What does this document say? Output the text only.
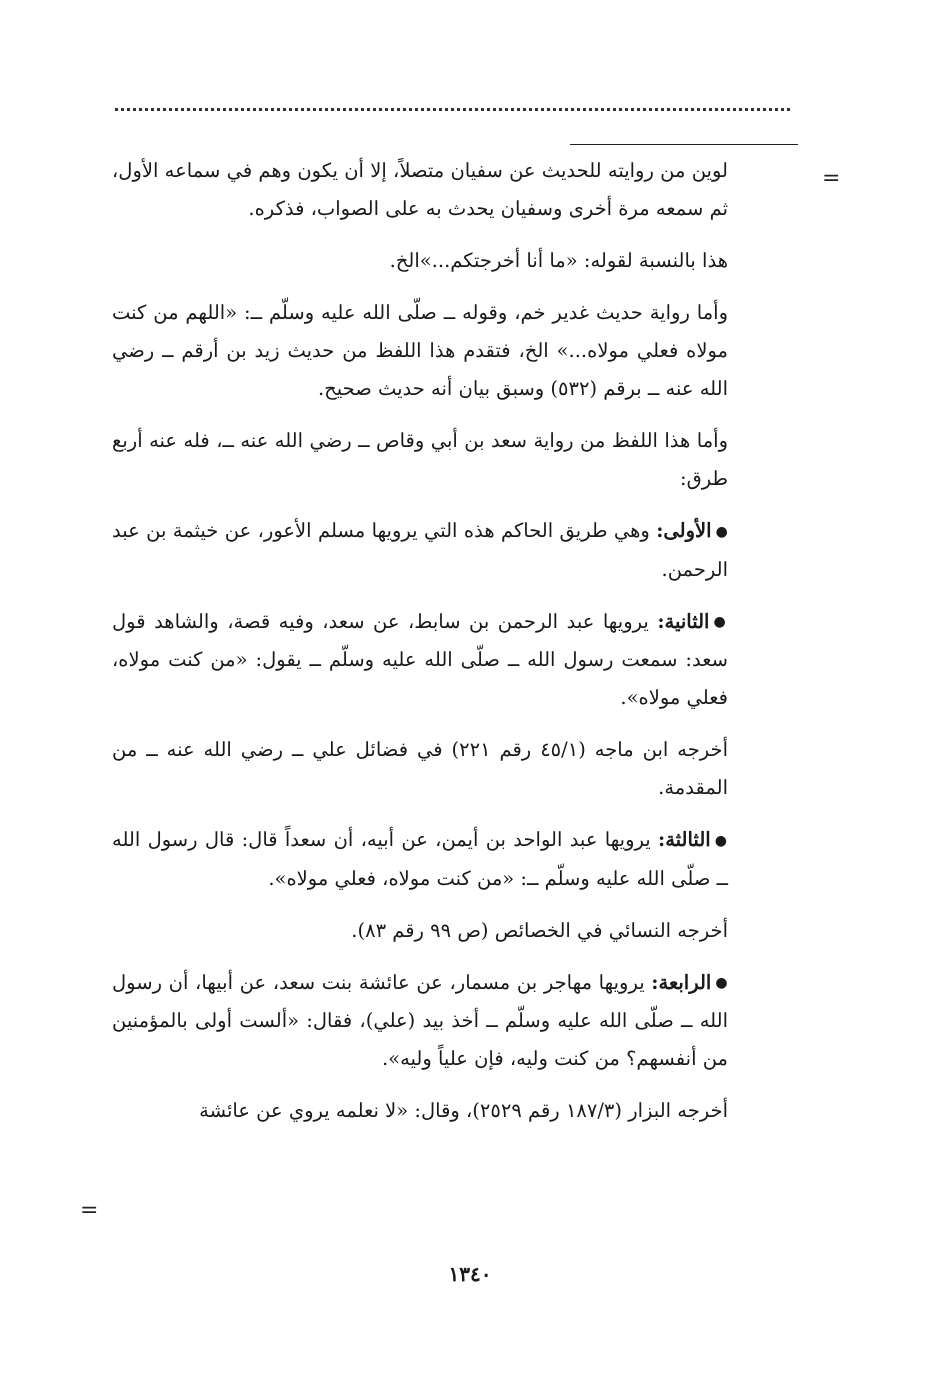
=

لوين من روايته للحديث عن سفيان متصلاً، إلا أن يكون وهم في سماعه الأول، ثم سمعه مرة أخرى وسفيان يحدث به على الصواب، فذكره.

هذا بالنسبة لقوله: «ما أنا أخرجتكم...»الخ.

وأما رواية حديث غدير خم، وقوله ــ صلّى الله عليه وسلّم ــ: «اللهم من كنت مولاه فعلي مولاه...» الخ، فتقدم هذا اللفظ من حديث زيد بن أرقم ــ رضي الله عنه ــ برقم (٥٣٢) وسبق بيان أنه حديث صحيح.

وأما هذا اللفظ من رواية سعد بن أبي وقاص ــ رضي الله عنه ــ، فله عنه أربع طرق:

●الأولى: وهي طريق الحاكم هذه التي يرويها مسلم الأعور، عن خيثمة بن عبد الرحمن.

●الثانية: يرويها عبد الرحمن بن سابط، عن سعد، وفيه قصة، والشاهد قول سعد: سمعت رسول الله ــ صلّى الله عليه وسلّم ــ يقول: «من كنت مولاه، فعلي مولاه».

أخرجه ابن ماجه (٤٥/١ رقم ٢٢١) في فضائل علي ــ رضي الله عنه ــ من المقدمة.

●الثالثة: يرويها عبد الواحد بن أيمن، عن أبيه، أن سعداً قال: قال رسول الله ــ صلّى الله عليه وسلّم ــ: «من كنت مولاه، فعلي مولاه».

أخرجه النسائي في الخصائص (ص ٩٩ رقم ٨٣).

●الرابعة: يرويها مهاجر بن مسمار، عن عائشة بنت سعد، عن أبيها، أن رسول الله ــ صلّى الله عليه وسلّم ــ أخذ بيد (علي)، فقال: «ألست أولى بالمؤمنين من أنفسهم؟ من كنت وليه، فإن علياً وليه».

أخرجه البزار (١٨٧/٣ رقم ٢٥٢٩)، وقال: «لا نعلمه يروي عن عائشة

=
١٣٤٠
